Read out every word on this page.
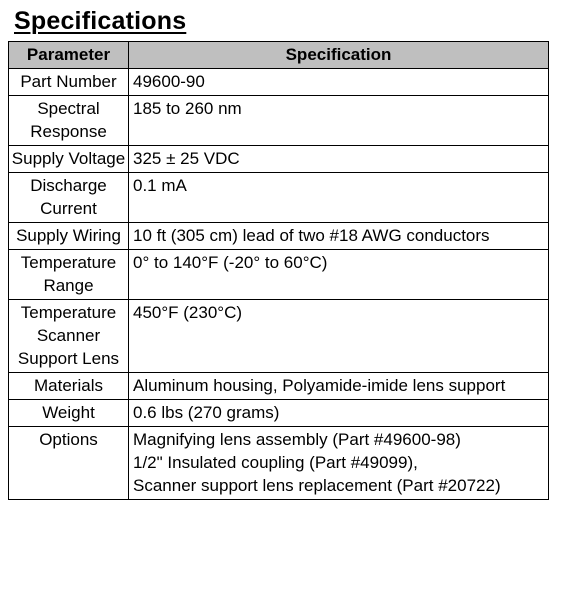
Specifications
Parameter	Specification

Part Number	49600-90

Spectral Response	185 to 260 nm

Supply Voltage	325 ± 25 VDC

Discharge Current	0.1 mA

Supply Wiring	10 ft (305 cm) lead of two #18 AWG conductors

Temperature Range	0° to 140°F (-20° to 60°C)

Temperature Scanner Support Lens	450°F (230°C)

Materials	Aluminum housing, Polyamide-imide lens support

Weight	0.6 lbs (270 grams)

Options	Magnifying lens assembly (Part #49600-98)
1/2" Insulated coupling (Part #49099),
Scanner support lens replacement (Part #20722)
